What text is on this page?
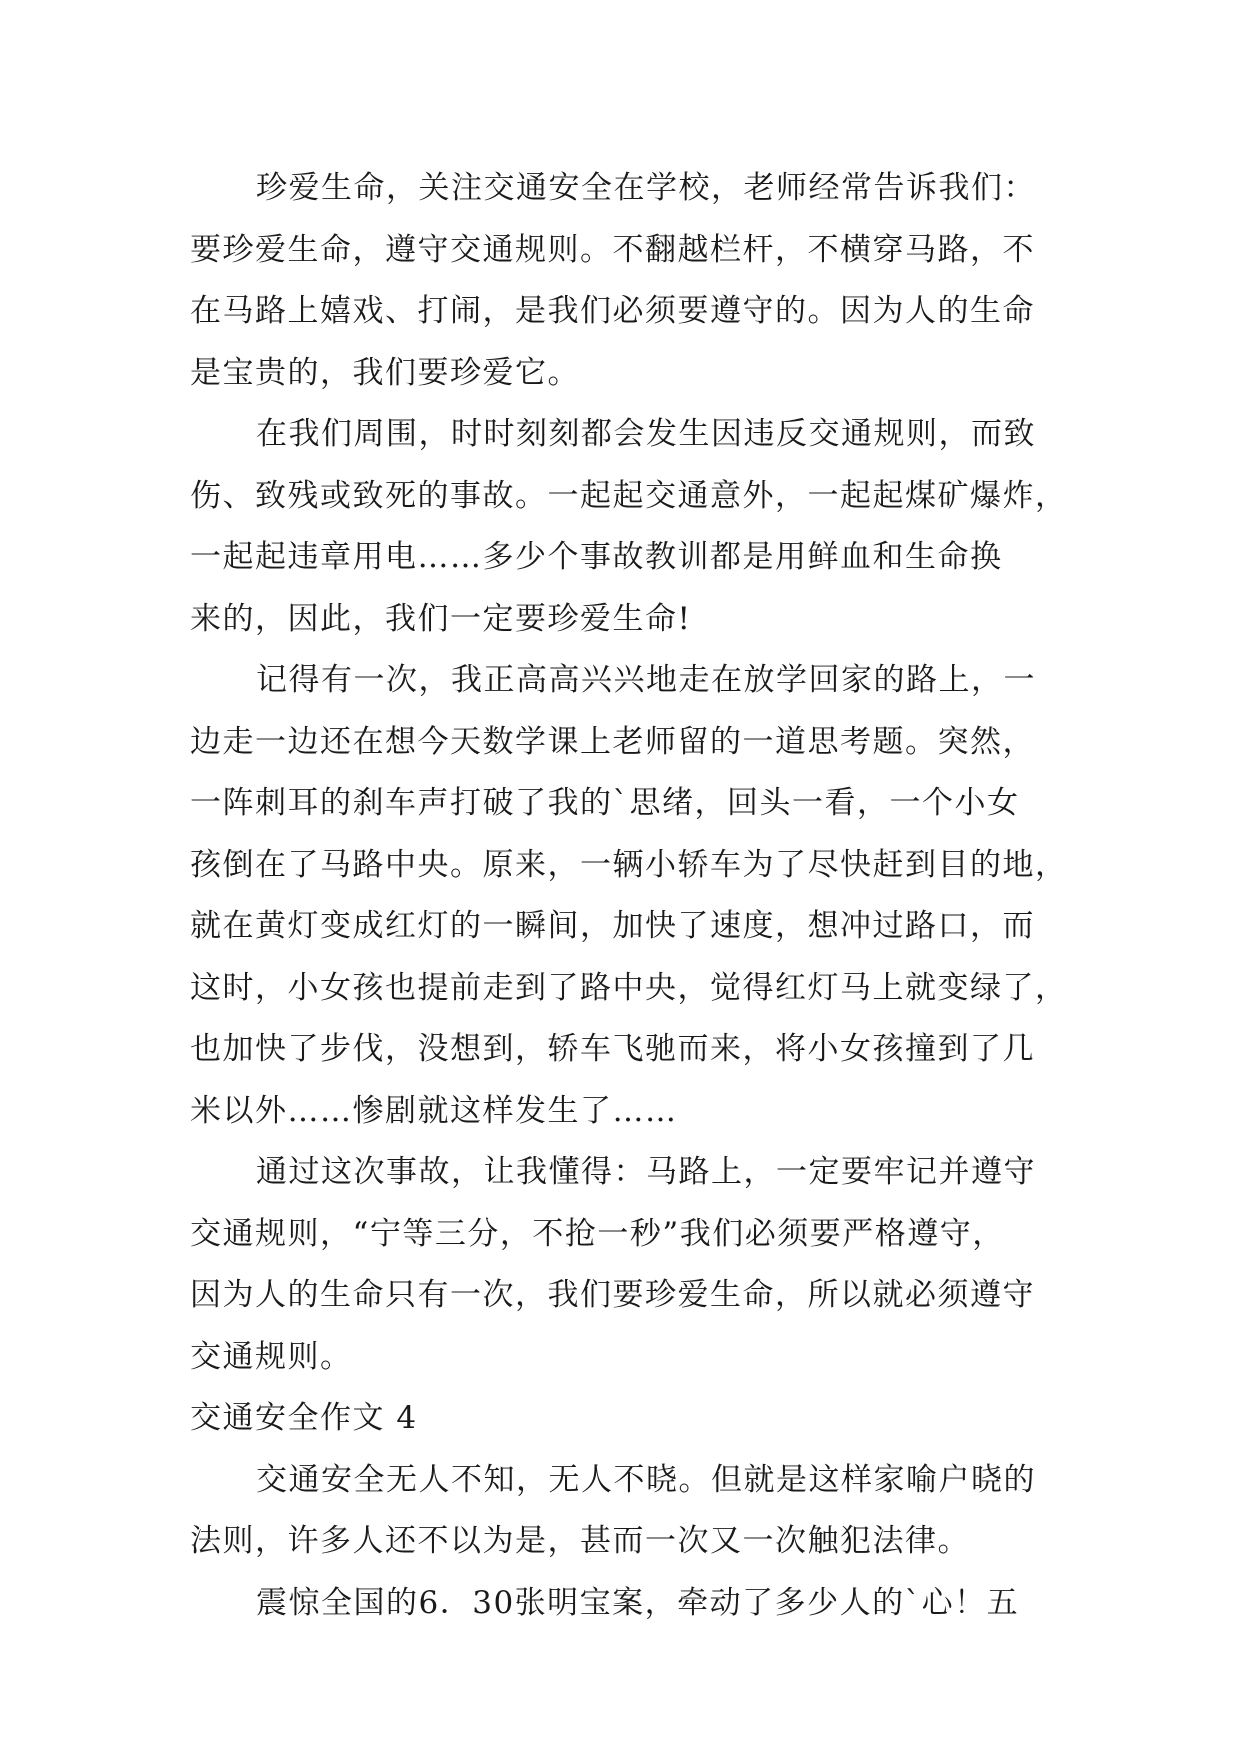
珍爱生命，关注交通安全在学校，老师经常告诉我们：
要珍爱生命，遵守交通规则。不翻越栏杆，不横穿马路，不
在马路上嬉戏、打闹，是我们必须要遵守的。因为人的生命
是宝贵的，我们要珍爱它。
在我们周围，时时刻刻都会发生因违反交通规则，而致
伤、致残或致死的事故。一起起交通意外，一起起煤矿爆炸，
一起起违章用电……多少个事故教训都是用鲜血和生命换
来的，因此，我们一定要珍爱生命!
记得有一次，我正高高兴兴地走在放学回家的路上，一
边走一边还在想今天数学课上老师留的一道思考题。突然，
一阵刺耳的刹车声打破了我的`思绪，回头一看，一个小女
孩倒在了马路中央。原来，一辆小轿车为了尽快赶到目的地，
就在黄灯变成红灯的一瞬间，加快了速度，想冲过路口，而
这时，小女孩也提前走到了路中央，觉得红灯马上就变绿了，
也加快了步伐，没想到，轿车飞驰而来，将小女孩撞到了几
米以外……惨剧就这样发生了……
通过这次事故，让我懂得：马路上，一定要牢记并遵守
交通规则，“宁等三分，不抢一秒”我们必须要严格遵守，
因为人的生命只有一次，我们要珍爱生命，所以就必须遵守
交通规则。
交通安全作文 4
交通安全无人不知，无人不晓。但就是这样家喻户晓的
法则，许多人还不以为是，甚而一次又一次触犯法律。
震惊全国的6．30张明宝案，牵动了多少人的`心！五
